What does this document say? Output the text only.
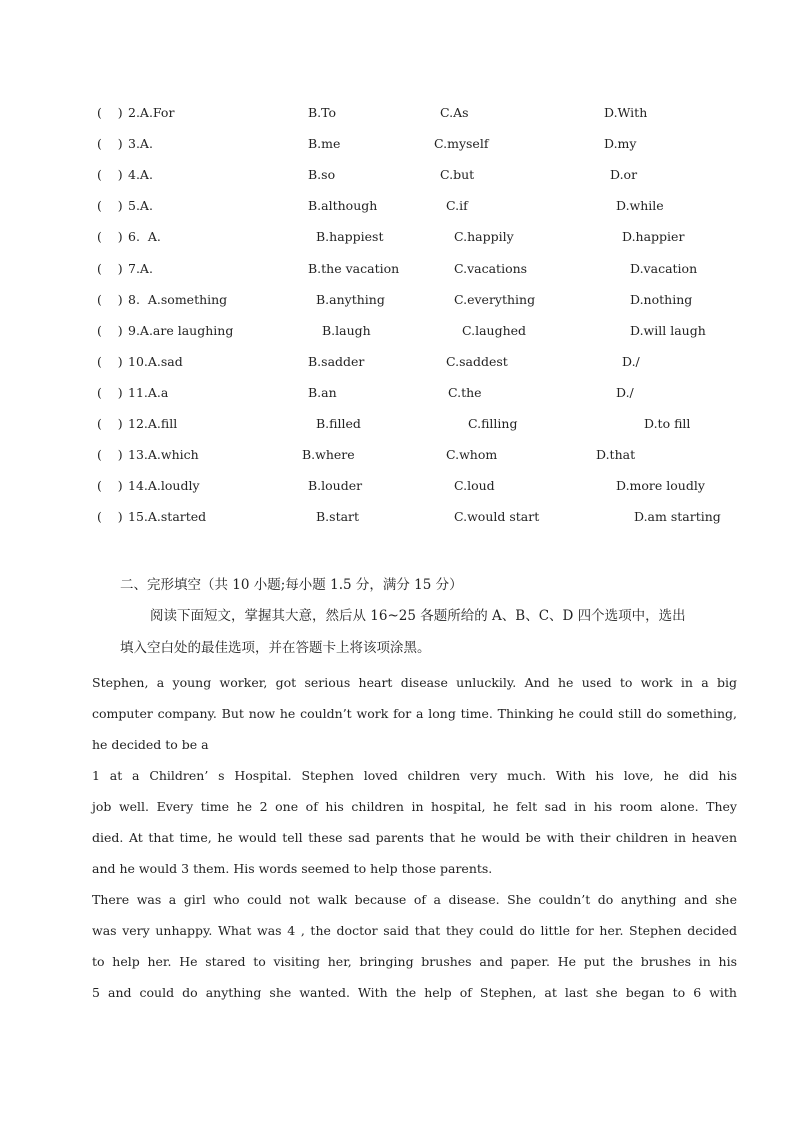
(    ) 2.A.For	B.To	C.As	D.With
(    ) 3.A.	B.me	C.myself	D.my
(    ) 4.A.	B.so	C.but	D.or
(    ) 5.A.	B.although	C.if	D.while
(    ) 6.  A.	B.happiest	C.happily	D.happier
(    ) 7.A.	B.the vacation	C.vacations	D.vacation
(    ) 8.  A.something	B.anything	C.everything	D.nothing
(    ) 9.A.are laughing	B.laugh	C.laughed	D.will laugh
(    ) 10.A.sad	B.sadder	C.saddest	D./
(    ) 11.A.a	B.an	C.the	D./
(    ) 12.A.fill	B.filled	C.filling	D.to fill
(    ) 13.A.which	B.where	C.whom	D.that
(    ) 14.A.loudly	B.louder	C.loud	D.more loudly
(    ) 15.A.started	B.start	C.would start	D.am starting
二、完形填空（共 10 小题;每小题 1.5 分，满分 15 分）
阅读下面短文，掌握其大意，然后从 16~25 各题所给的 A、B、C、D 四个选项中，选出
填入空白处的最佳选项，并在答题卡上将该项涂黑。
Stephen, a young worker, got serious heart disease unluckily. And he used to work in a big
computer company. But now he couldn’t work for a long time. Thinking he could still do something,
he decided to be a
1 at a Children’ s Hospital. Stephen loved children very much. With his love, he did his
job well. Every time he 2 one of his children in hospital, he felt sad in his room alone. They
died. At that time, he would tell these sad parents that he would be with their children in heaven
and he would 3 them. His words seemed to help those parents.
There was a girl who could not walk because of a disease. She couldn’t do anything and she
was very unhappy. What was 4 , the doctor said that they could do little for her. Stephen decided
to help her. He stared to visiting her, bringing brushes and paper. He put the brushes in his
5 and could do anything she wanted. With the help of Stephen, at last she began to 6 with
